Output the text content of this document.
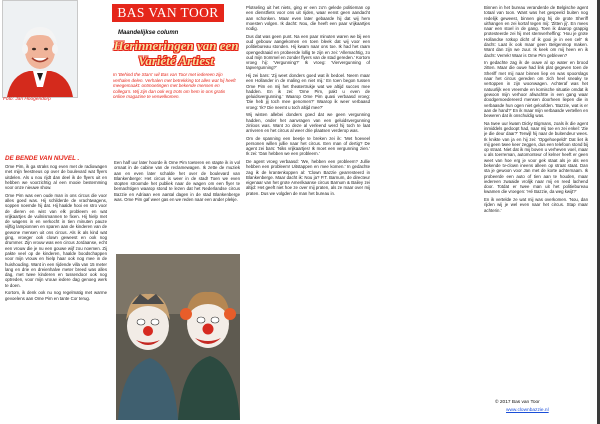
Foto: Jan Hoogendorp
BAS VAN TOOR
Maandelijkse column
Herinneringen van een Variété Artiest
In 'Behind the Stars' wil Bas van Toor met iedereen zijn verhalen delen. Verhalen met betrekking tot alles wat hij heeft meegemaakt: ontmoetingen met bekende mensen en collega's. Wij zijn dan ook erg trots om hem in ons gratis online magazine te verwelkomen.
DE BENDE VAN NIJVEL .

Ome Pim, ik ga straks nog even met de radiowagen met mijn feestneus op over de boulevard wat flyers uitdelen. Als u nou rijdt dan deel ik de flyers uit en hebben we voorzichtig al een mooie bestemming voor onze nieuwe show.

Ome Pim was een oude man in ons circus die voor alles goed was. Hij schilderde de vrachtwagens, soppen noemde hij dat. Hij haalde hooi en stro voor de dieren en wist van elk probleem en wat vrijkaartjes de vuilnismannen te fixen. Hij hielp met de wagens in en verkocht in tien minuten pauze vijftig lampionnen en sparen aan de kinderen van de gewone mensen uit ons circus. Als ik als kind wat ging, vroeger ook clown geweest en ook nog drummer. Zijn vrouw was een circus Jordaanse, echt een vrouw die je nu een gouwe wijf zou noemen. Zij pakte veel op de kinderen, haalde boodschappen voor mijn vrouw en hielp haar ook nog mee in de huishouding. Want in een rijdende villa van 15 meter lang en drie en dreienhalve meter breed was alles dag, met twee kinderen en tussendoor ook nog optreden, voor mijn vrouw iedere dag genoeg werk te doen.

Kortom, ik denk ook nu nog regelmatig met warme gevoelens aan Ome Pim en tante Cor terug.

Een half uur later hoorde ik Ome Pim toeteren en stapte ik in vol ornaat in de cabine van de reclamewagen. Ik zette de muziek aan en even later schalde het over de boulevard van Blankenberge: Het circus is weer in de stad! Toen we even stopten stroomde het publiek naar de wagen om een flyer te bemachtigen waarop stond te lezen dat het Nederlandse circus Bazzie en Adriaan een aantal dagen in de stad Blankenberge was. Ome Pim gaf weer gas en we reden naar een ander plekje.

Plotseling uit het niets, ging er een zo'n gelede politieman op een dienstfiets voor ons uit rijden, waar eenst geen aandacht aan schonken. Maar even later gebaarde hij dat wij hem moesten volgen. Ik dacht: Nou, die heeft een paar vrijkaartjes nodig.

Dus dat was geen punt. Na een paar minuten waren we bij een oud gebouw aangekomen en toen bleek dat wij voor een politiebureau stonden. Hij kwam naar ons toe. Ik had het raam opengedraaid en probeerde lollig te zijn en zei: 'Allemachtig, zo oud mijn trommel en zonder flyers van de stad gereden.' Kortom vroeg hij: 'Vergunning?' Ik vroeg: 'Viervergunning of tapvergunning?'

Hij zei bars: 'Zij weet donders goed wat ik bedoel. Neem maar een Hollander in de maling en niet mij.' En toen begon tussen Ome Pim en mij het theatertrukje wat we altijd succes mee hadden. En ik zei: 'Ome Pim, pakt u even de geluidsvergunning.' Waarop Ome Pim quasi verbaasd vroeg: 'Die heb jij toch mee genomen?' Waarop ik weer verbaasd vroeg: 'Ik? Die neemt u toch altijd mee?'

Wij wisten allebei donders goed dat we geen vergunning hadden, onder het aanvragen van een geluidsvergunning zinloos was. Want zo deze al verleend werd hij toch te laat arriveren en het circus al weer drie plaatsen verderop was.

Om de spanning een beetje te breken zei ik: 'Met hoeveel personen willen jullie naar het circus. Een man of dertig? De agent zei bars: 'Niks vrijkaartjes! Ik moet een vergunning zien.' Ik zei: 'Dan hebben we een probleem.'

De agent vroeg verbaasd: 'We, hebben een probleem? Jullie hebben een probleem! Uitstappen en mee komen.' In gedachte zag ik de krantenkoppen al: 'Clown Bazzie gearresteerd in Blankenberge. Maar dacht ik: Nou ja? P.T. Barnum, de directeur eigenaar van het grote Amerikaanse circus Barnum & Bailey zei altijd: Het geeft niet hoe ze over mij praten, als ze maar over mij praten. Dus we volgden de man het bureau in.

Binnen in het bureau veranderde de Belgische agent totaal van toon. Want was het gespeeld buiten nog redelijk geweest, binnen ging hij de grote Sheriff uithangen en zei kortaf tegen mij: 'Zitten jij'. En mees naar een stoel in de gang. Toen ik daarop grappig protesteerde zei hij met stemverheffing: 'Hou je grote Hollandse rotkop dicht of ik gooi je in een cel!' Ik dacht: Laat ik ook maar geen Belgenmop maken. Want dan zijn we zuur. Ik keek om mij heen en ik dacht: Verrek! Waar is Ome Pim gebleven?

In gedachte zag ik de ouwe al op water en brood zitten. Maar die ouwe had link plat gegeven toen de Sheriff met mij naar binnen liep en was spoorslags naar het circus gereden om zich heel sneaky te vertoppen in zijn woonwagen. Achteraf was het natuurlijk een vreemde en komische situatie omdat ik gewoon mijn verhoor afwachtte in een gang waar doodgemoedereerd mensen doorheen liepen die in verbaasde hun ogen niet geloofden. 'Bazzie, wat is er aan de hand?' En ik maar mijn verbaasde vertellen en beweren dat ik onschuldig was.

Na twee uur kwam Dicky Bigmans, zoals ik die agent inmiddels gedoopt had, naar mij toe en zei enkel: 'Zie je die deur daar?' Terwijl hij naar de buitendeur wees. Ik knikte van ja en hij zei: 'Opgehoepeld!' Dat liet ik mij geen twee keer zeggen, dus een telefoon stond bij op straat. Niet dat ik mij boven u verheven voel, maar u als toerreman, automonteur of kelner heeft er geen weet van hoe erg je voor gek staat als je als een bekende tv-clown ineens alleen op straat staat. Dan sta je gewoon voor Jan met de korte achternaam. Ik probeerde een auto of tien aan te houden, maar iedereen zwaaide vrolijk naar mij en reed lachend door. Totdat er twee man uit het politiebureau kwamen die vroegen: 'Hé Bazzie, da weg kwijt?'

En ik vertelde ze wat mij was overkomen. 'Nou, dan rijden wij je wel even naar het circus. Stap maar achterin.'

© 2017 Bas van Toor
www.clownbazzie.nl
